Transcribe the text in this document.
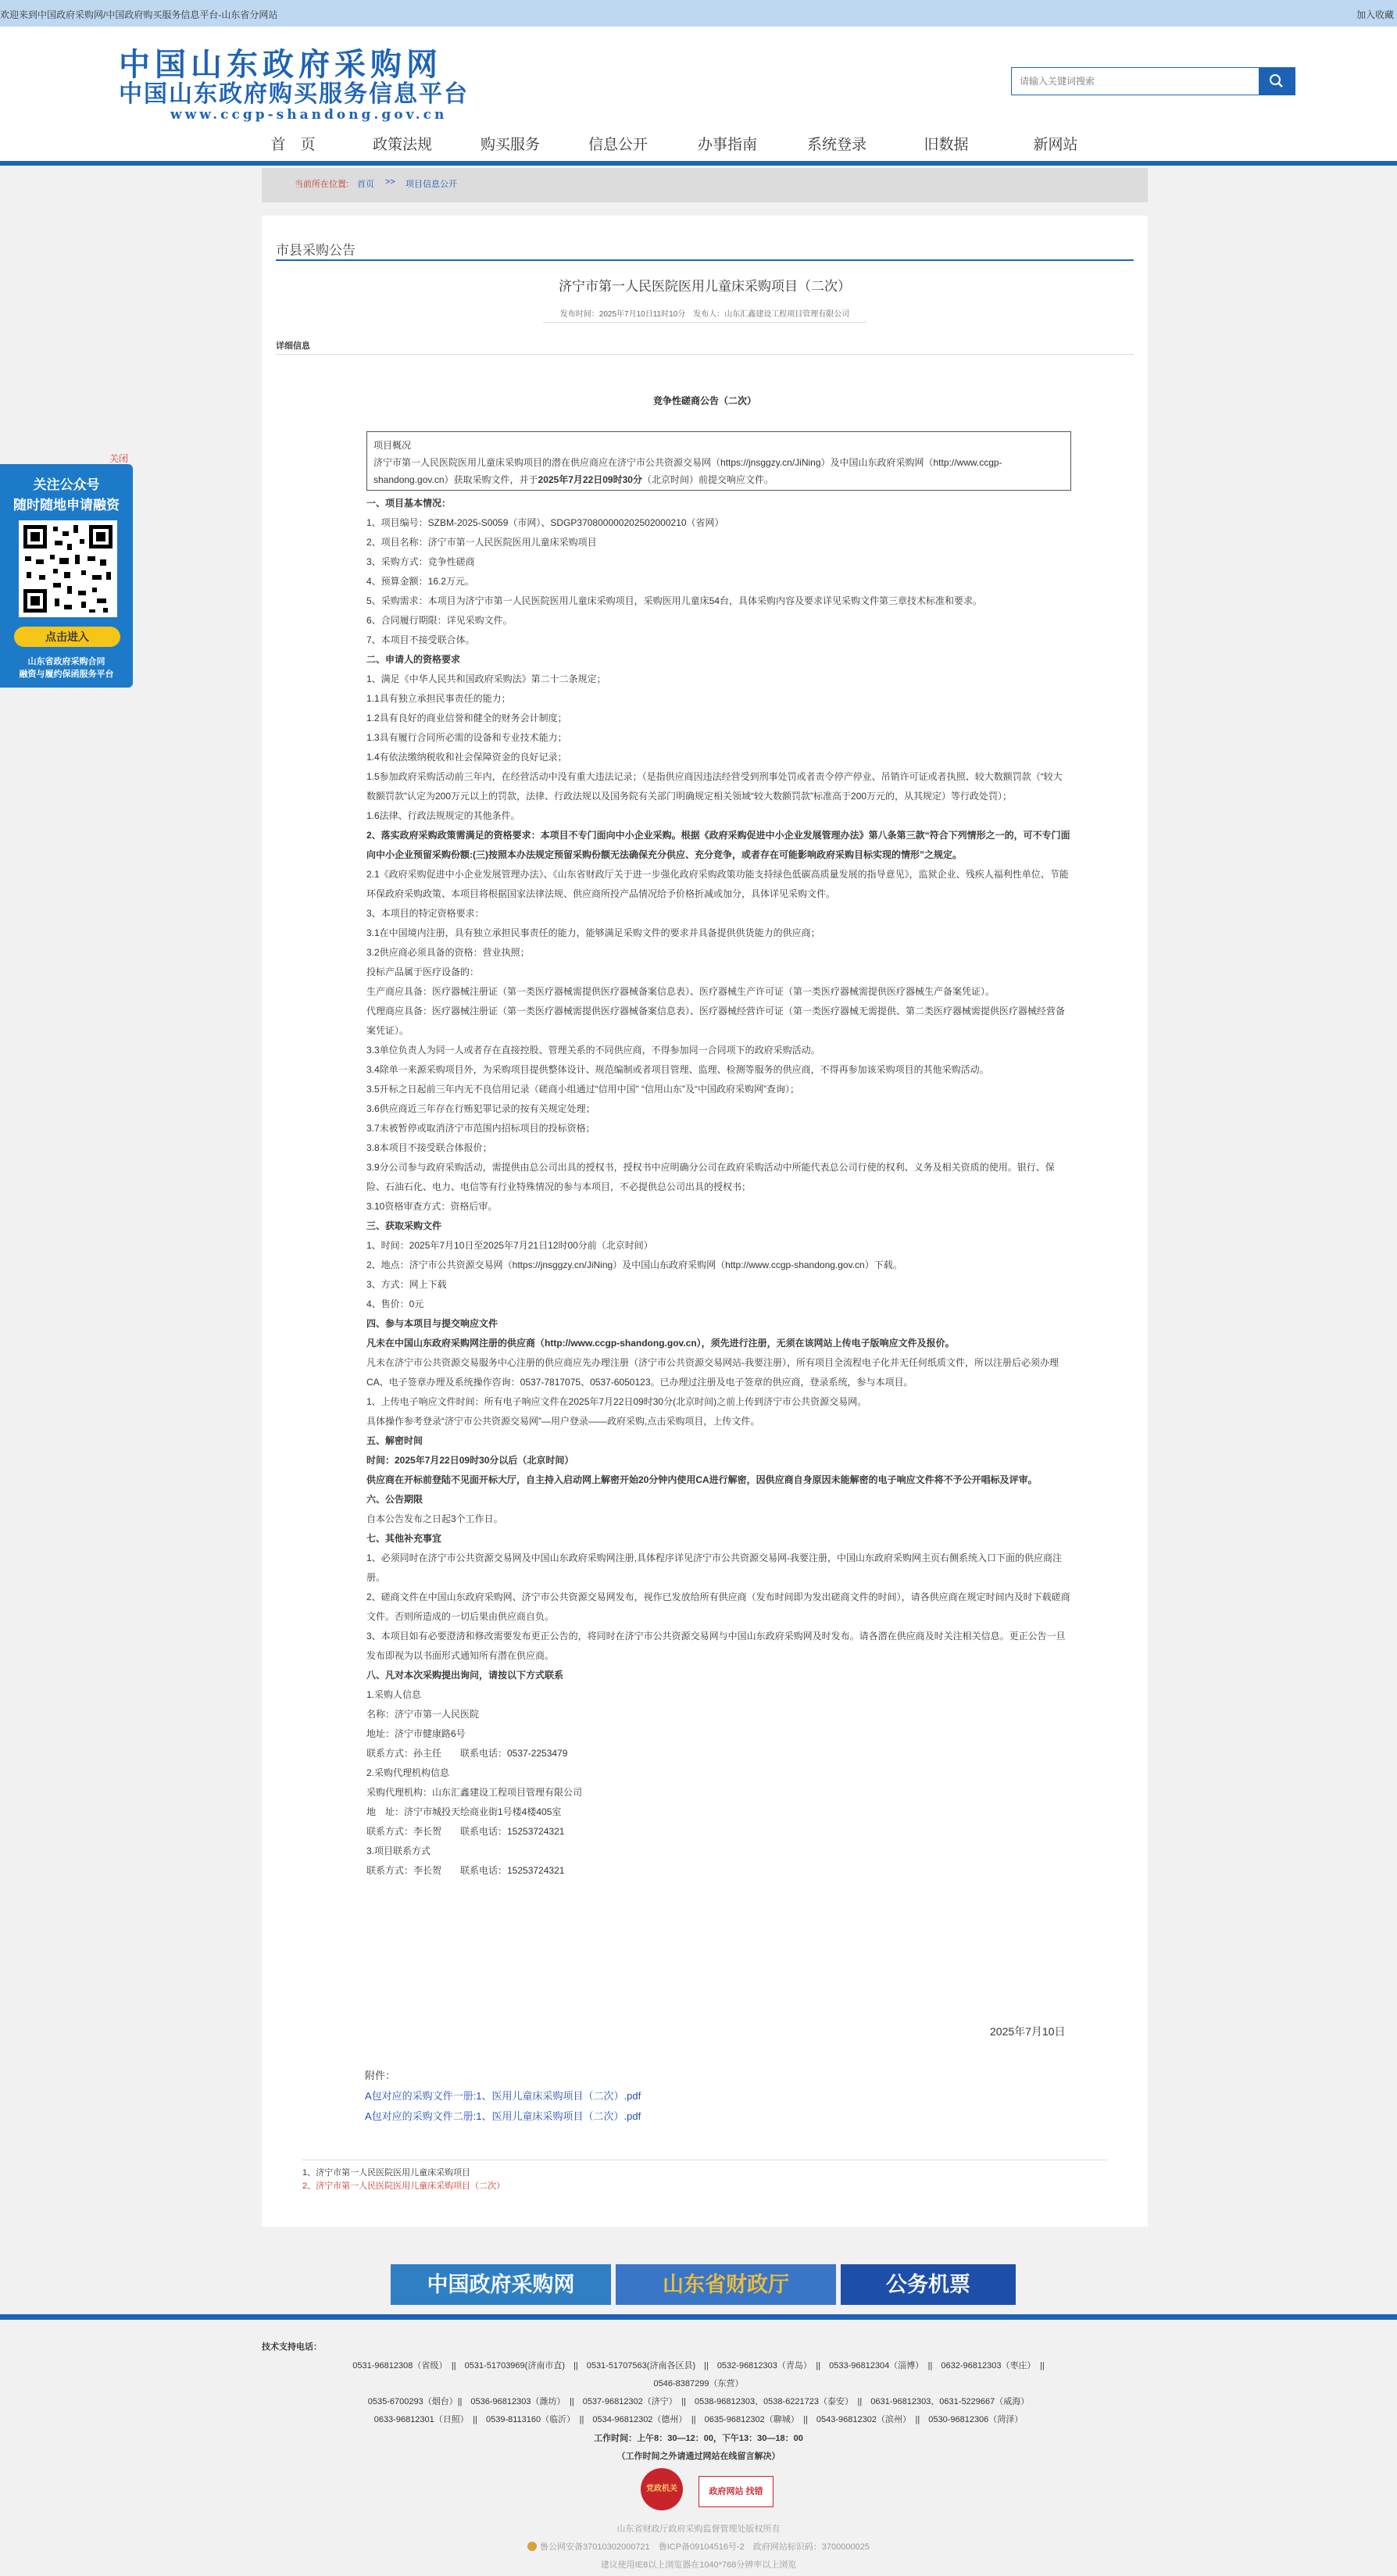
欢迎来到中国政府采购网/中国政府购买服务信息平台-山东省分网站	加入收藏
中国山东政府采购网
中国山东政府购买服务信息平台
www.ccgp-shandong.gov.cn
请输入关键词搜索
首　页	政策法规	购买服务	信息公开	办事指南	系统登录	旧数据	新网站
当前所在位置: 首页 >> 项目信息公开
市县采购公告
济宁市第一人民医院医用儿童床采购项目（二次）
发布时间：2025年7月10日11时10分　发布人：山东汇鑫建设工程项目管理有限公司
详细信息
竞争性磋商公告（二次）
项目概况
济宁市第一人民医院医用儿童床采购项目的潜在供应商应在济宁市公共资源交易网（https://jnsggzy.cn/JiNing）及中国山东政府采购网（http://www.ccgp-shandong.gov.cn）获取采购文件，并于2025年7月22日09时30分（北京时间）前提交响应文件。

一、项目基本情况：

1、项目编号：SZBM-2025-S0059（市网）、SDGP370800000202502000210（省网）

2、项目名称：济宁市第一人民医院医用儿童床采购项目

3、采购方式：竞争性磋商

4、预算金额：16.2万元。

5、采购需求：本项目为济宁市第一人民医院医用儿童床采购项目，采购医用儿童床54台，具体采购内容及要求详见采购文件第三章技术标准和要求。

6、合同履行期限：详见采购文件。

7、本项目不接受联合体。

二、申请人的资格要求

1、满足《中华人民共和国政府采购法》第二十二条规定；

1.1具有独立承担民事责任的能力；

1.2具有良好的商业信誉和健全的财务会计制度；

1.3具有履行合同所必需的设备和专业技术能力；

1.4有依法缴纳税收和社会保障资金的良好记录；

1.5参加政府采购活动前三年内，在经营活动中没有重大违法记录；（是指供应商因违法经营受到刑事处罚或者责令停产停业、吊销许可证或者执照、较大数额罚款（“较大数额罚款”认定为200万元以上的罚款，法律、行政法规以及国务院有关部门明确规定相关领域“较大数额罚款”标准高于200万元的，从其规定）等行政处罚）；

1.6法律、行政法规规定的其他条件。

2、落实政府采购政策需满足的资格要求：本项目不专门面向中小企业采购。根据《政府采购促进中小企业发展管理办法》第八条第三款“符合下列情形之一的，可不专门面向中小企业预留采购份额:(三)按照本办法规定预留采购份额无法确保充分供应、充分竞争，或者存在可能影响政府采购目标实现的情形”之规定。

2.1《政府采购促进中小企业发展管理办法》、《山东省财政厅关于进一步强化政府采购政策功能支持绿色低碳高质量发展的指导意见》，监狱企业、残疾人福利性单位、节能环保政府采购政策、本项目将根据国家法律法规、供应商所投产品情况给予价格折减或加分，具体详见采购文件。

3、本项目的特定资格要求：

3.1在中国境内注册，具有独立承担民事责任的能力，能够满足采购文件的要求并具备提供供货能力的供应商；

3.2供应商必须具备的资格：营业执照；

投标产品属于医疗设备的：

生产商应具备：医疗器械注册证（第一类医疗器械需提供医疗器械备案信息表）、医疗器械生产许可证（第一类医疗器械需提供医疗器械生产备案凭证）。

代理商应具备：医疗器械注册证（第一类医疗器械需提供医疗器械备案信息表）、医疗器械经营许可证（第一类医疗器械无需提供、第二类医疗器械需提供医疗器械经营备案凭证）。

3.3单位负责人为同一人或者存在直接控股、管理关系的不同供应商，不得参加同一合同项下的政府采购活动。

3.4除单一来源采购项目外，为采购项目提供整体设计、规范编制或者项目管理、监理、检测等服务的供应商，不得再参加该采购项目的其他采购活动。

3.5开标之日起前三年内无不良信用记录（磋商小组通过“信用中国” “信用山东”及“中国政府采购网”查询）；

3.6供应商近三年存在行贿犯罪记录的按有关规定处理；

3.7未被暂停或取消济宁市范围内招标项目的投标资格；

3.8本项目不接受联合体报价；

3.9分公司参与政府采购活动，需提供由总公司出具的授权书，授权书中应明确分公司在政府采购活动中所能代表总公司行使的权利、义务及相关资质的使用。银行、保险、石油石化、电力、电信等有行业特殊情况的参与本项目，不必提供总公司出具的授权书；

3.10资格审查方式：资格后审。

三、获取采购文件

1、时间：2025年7月10日至2025年7月21日12时00分前（北京时间）

2、地点：济宁市公共资源交易网（https://jnsggzy.cn/JiNing）及中国山东政府采购网（http://www.ccgp-shandong.gov.cn）下载。

3、方式：网上下载

4、售价：0元

四、参与本项目与提交响应文件

凡未在中国山东政府采购网注册的供应商（http://www.ccgp-shandong.gov.cn），须先进行注册，无须在该网站上传电子版响应文件及报价。

凡未在济宁市公共资源交易服务中心注册的供应商应先办理注册（济宁市公共资源交易网站-我要注册），所有项目全流程电子化并无任何纸质文件，所以注册后必须办理CA、电子签章办理及系统操作咨询：0537-7817075、0537-6050123。已办理过注册及电子签章的供应商，登录系统，参与本项目。

1、上传电子响应文件时间：所有电子响应文件在2025年7月22日09时30分(北京时间)之前上传到济宁市公共资源交易网。

具体操作参考登录“济宁市公共资源交易网”—用户登录——政府采购,点击采购项目，上传文件。

五、解密时间

时间：2025年7月22日09时30分以后（北京时间）

供应商在开标前登陆不见面开标大厅，自主持入启动网上解密开始20分钟内使用CA进行解密，因供应商自身原因未能解密的电子响应文件将不予公开唱标及评审。

六、公告期限

自本公告发布之日起3个工作日。

七、其他补充事宜

1、必须同时在济宁市公共资源交易网及中国山东政府采购网注册,具体程序详见济宁市公共资源交易网-我要注册，中国山东政府采购网主页右侧系统入口下面的供应商注册。

2、磋商文件在中国山东政府采购网、济宁市公共资源交易网发布，视作已发放给所有供应商（发布时间即为发出磋商文件的时间），请各供应商在规定时间内及时下载磋商文件。否则所造成的一切后果由供应商自负。

3、本项目如有必要澄清和修改需要发布更正公告的，将同时在济宁市公共资源交易网与中国山东政府采购网及时发布。请各潜在供应商及时关注相关信息。更正公告一旦发布即视为以书面形式通知所有潜在供应商。

八、凡对本次采购提出询问，请按以下方式联系

1.采购人信息

名称：济宁市第一人民医院

地址：济宁市健康路6号

联系方式：孙主任　　联系电话：0537-2253479

2.采购代理机构信息

采购代理机构：山东汇鑫建设工程项目管理有限公司

地　址：济宁市城投天绘商业街1号楼4楼405室

联系方式：李长贺　　联系电话：15253724321

3.项目联系方式

联系方式：李长贺　　联系电话：15253724321

2025年7月10日
附件：
A包对应的采购文件一册:1、医用儿童床采购项目（二次）.pdf
A包对应的采购文件二册:1、医用儿童床采购项目（二次）.pdf
1、济宁市第一人民医院医用儿童床采购项目
2、济宁市第一人民医院医用儿童床采购项目（二次）
中国政府采购网	山东省财政厅	公务机票
技术支持电话：
0531-96812308（省级）　||　0531-51703969(济南市直)　||　0531-51707563(济南各区县)　||　0532-96812303（青岛）　||　0533-96812304（淄博）　||　0632-96812303（枣庄）　||
0546-8387299（东营）
0535-6700293（烟台）||　0536-96812303（潍坊）　||　0537-96812302（济宁）　||　0538-96812303、0538-6221723（泰安）　||　0631-96812303、0631-5229667（威海）
0633-96812301（日照）　||　0539-8113160（临沂）　||　0534-96812302（德州）　||　0635-96812302（聊城）　||　0543-96812302（滨州）　||　0530-96812306（菏泽）
工作时间：上午8：30—12：00，下午13：30—18：00
（工作时间之外请通过网站在线留言解决）
党政机关	政府网站 找错
山东省财政厅政府采购监督管理处版权所有
鲁公网安备37010302000721　鲁ICP备09104516号-2　政府网站标识码：3700000025
建议使用IE8以上浏览器在1040*768分辨率以上浏览
关闭
关注公众号
随时随地申请融资
点击进入
山东省政府采购合同
融资与履约保函服务平台
